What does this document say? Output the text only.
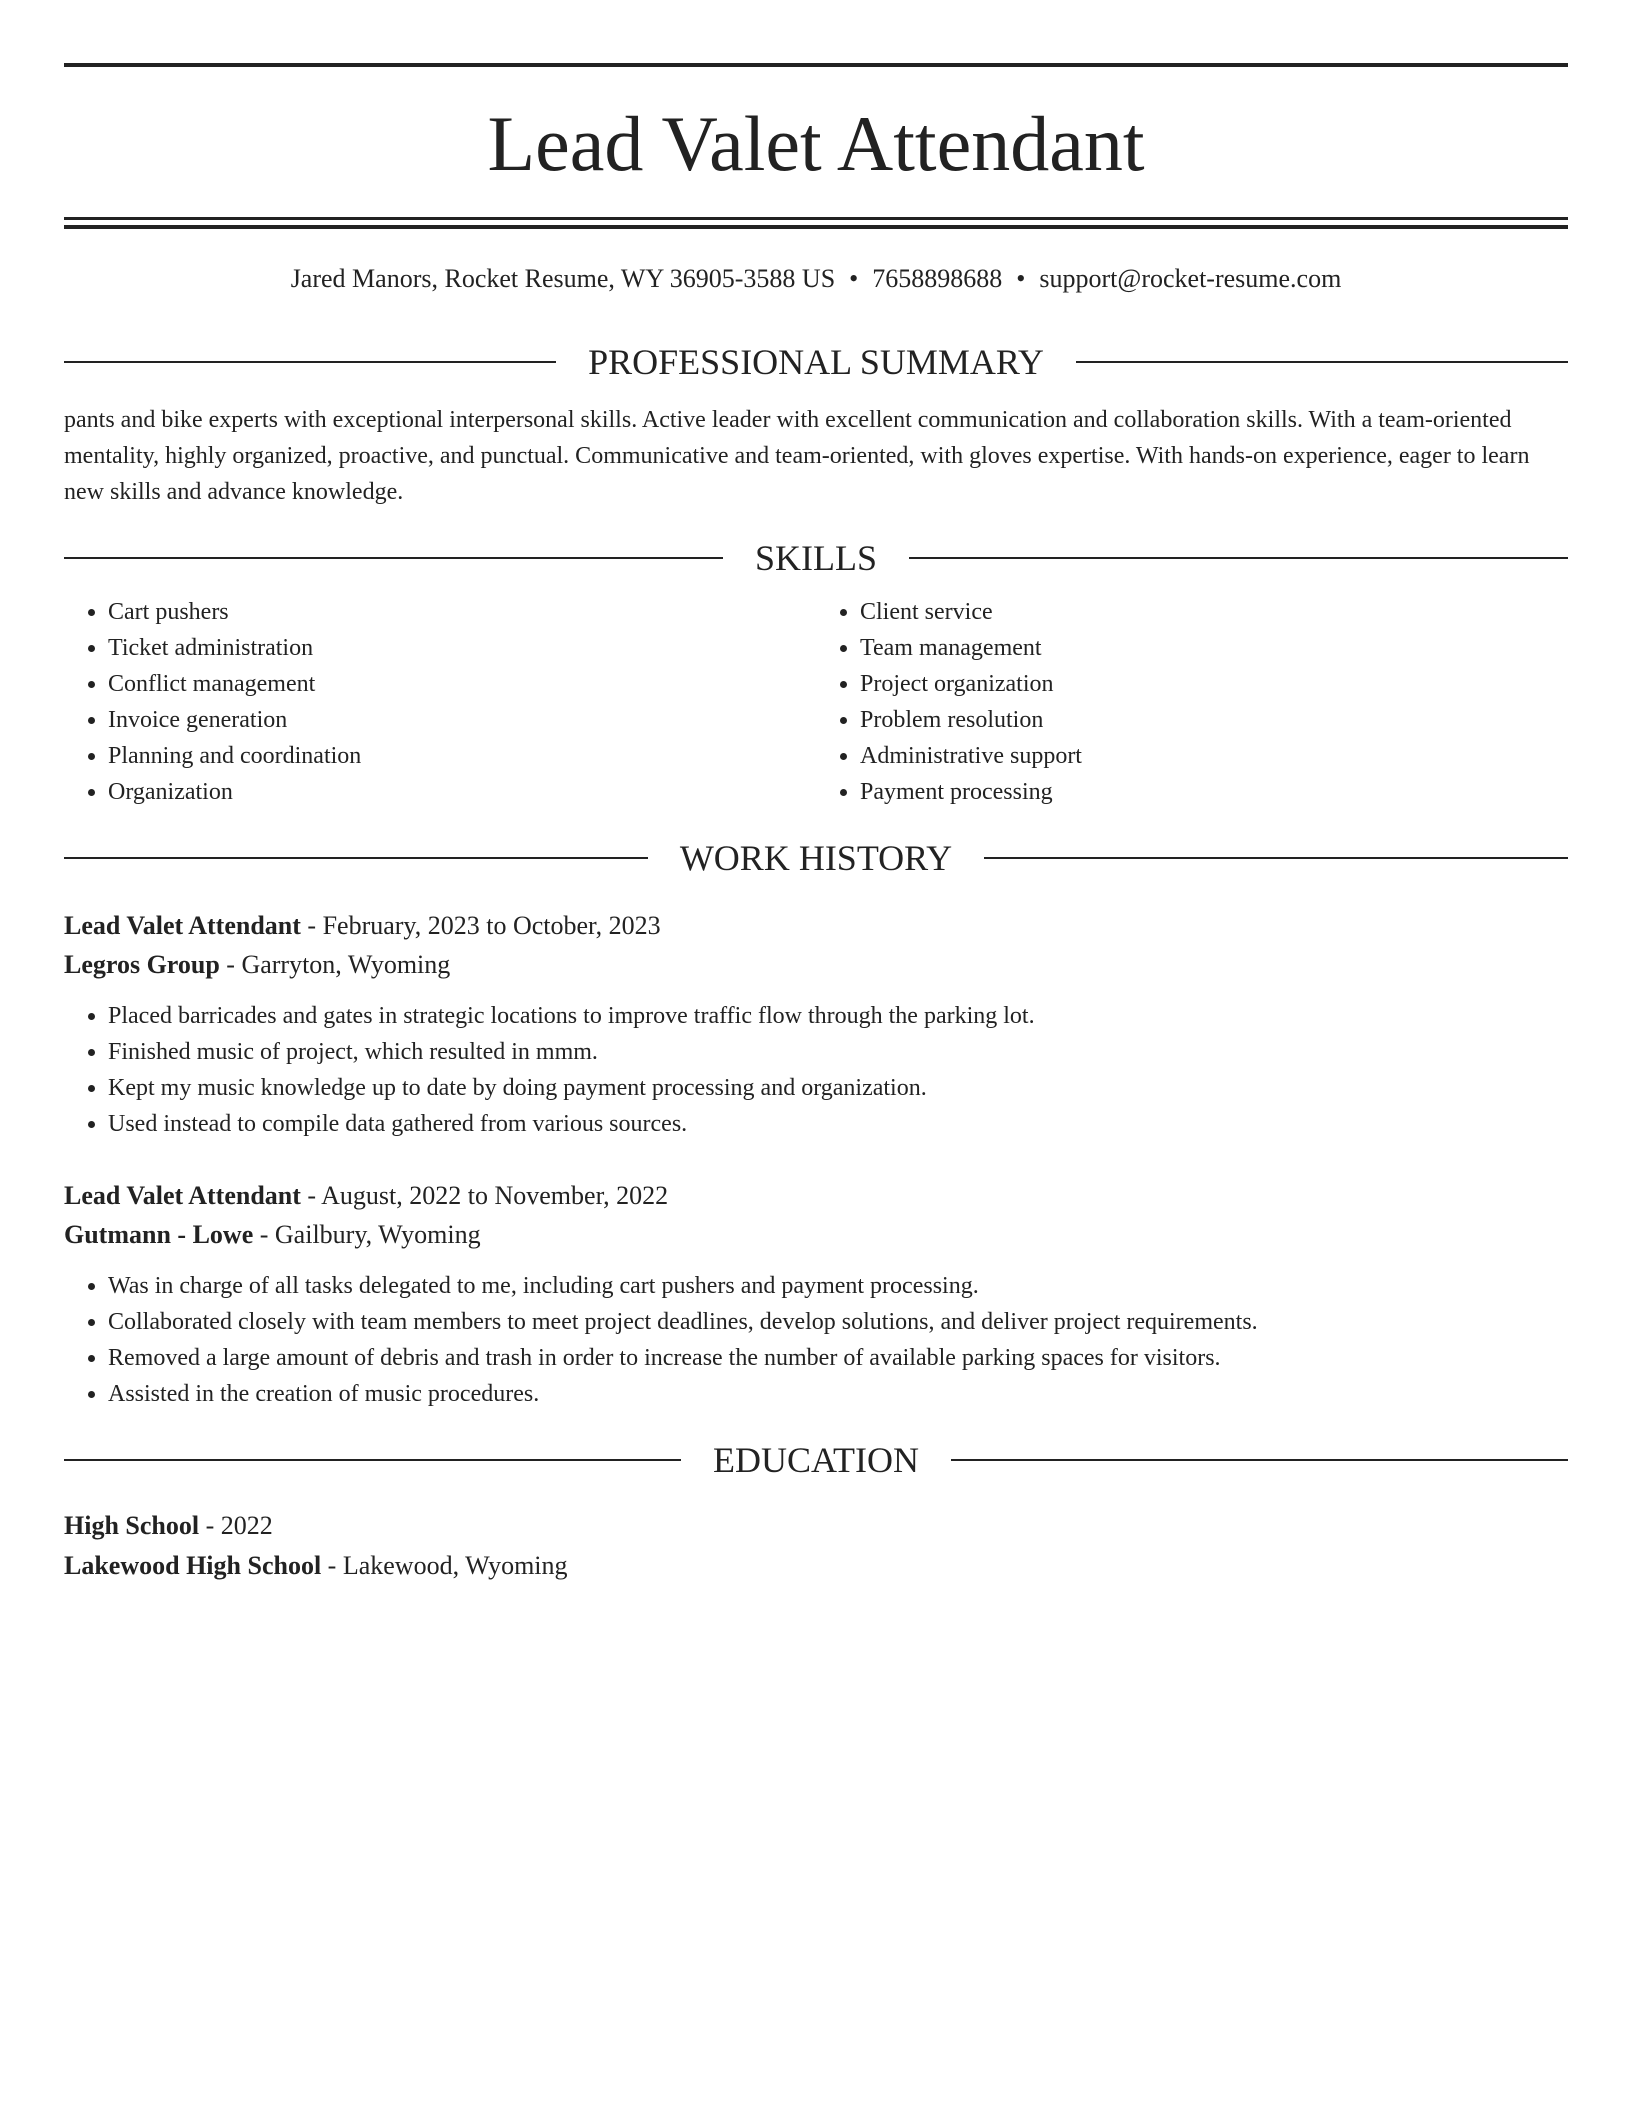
Lead Valet Attendant
Jared Manors, Rocket Resume, WY 36905-3588 US • 7658898688 • support@rocket-resume.com
PROFESSIONAL SUMMARY
pants and bike experts with exceptional interpersonal skills. Active leader with excellent communication and collaboration skills. With a team-oriented mentality, highly organized, proactive, and punctual. Communicative and team-oriented, with gloves expertise. With hands-on experience, eager to learn new skills and advance knowledge.
SKILLS
• Cart pushers
• Ticket administration
• Conflict management
• Invoice generation
• Planning and coordination
• Organization
• Client service
• Team management
• Project organization
• Problem resolution
• Administrative support
• Payment processing
WORK HISTORY
Lead Valet Attendant - February, 2023 to October, 2023
Legros Group - Garryton, Wyoming
• Placed barricades and gates in strategic locations to improve traffic flow through the parking lot.
• Finished music of project, which resulted in mmm.
• Kept my music knowledge up to date by doing payment processing and organization.
• Used instead to compile data gathered from various sources.
Lead Valet Attendant - August, 2022 to November, 2022
Gutmann - Lowe - Gailbury, Wyoming
• Was in charge of all tasks delegated to me, including cart pushers and payment processing.
• Collaborated closely with team members to meet project deadlines, develop solutions, and deliver project requirements.
• Removed a large amount of debris and trash in order to increase the number of available parking spaces for visitors.
• Assisted in the creation of music procedures.
EDUCATION
High School - 2022
Lakewood High School - Lakewood, Wyoming
